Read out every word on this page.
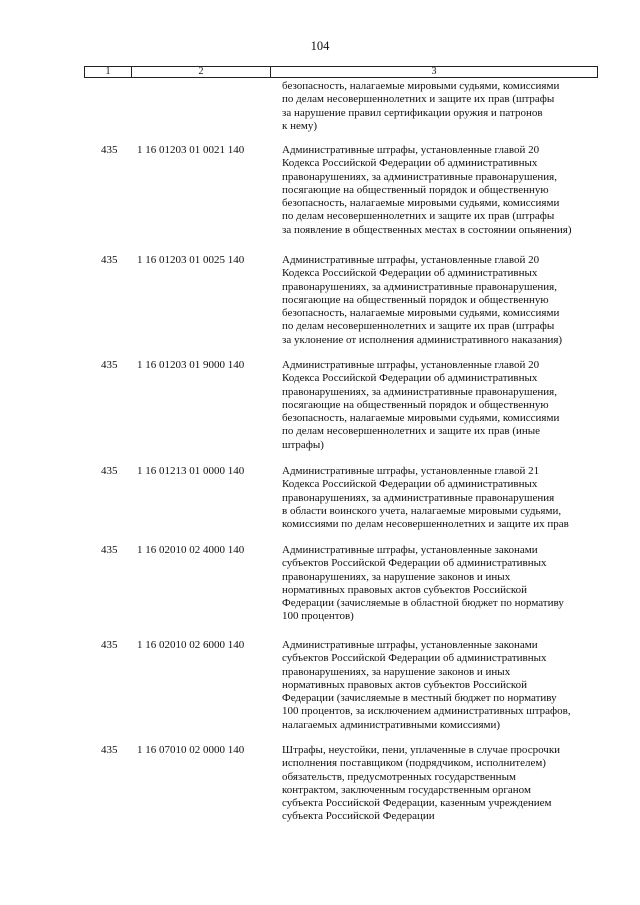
104
1	2	3
безопасность, налагаемые мировыми судьями, комиссиями
по делам несовершеннолетних и защите их прав (штрафы
за нарушение правил сертификации оружия и патронов
к нему)
435 1 16 01203 01 0021 140	Административные штрафы, установленные главой 20
Кодекса Российской Федерации об административных
правонарушениях, за административные правонарушения,
посягающие на общественный порядок и общественную
безопасность, налагаемые мировыми судьями, комиссиями
по делам несовершеннолетних и защите их прав (штрафы
за появление в общественных местах в состоянии опьянения)
435 1 16 01203 01 0025 140	Административные штрафы, установленные главой 20
Кодекса Российской Федерации об административных
правонарушениях, за административные правонарушения,
посягающие на общественный порядок и общественную
безопасность, налагаемые мировыми судьями, комиссиями
по делам несовершеннолетних и защите их прав (штрафы
за уклонение от исполнения административного наказания)
435 1 16 01203 01 9000 140	Административные штрафы, установленные главой 20
Кодекса Российской Федерации об административных
правонарушениях, за административные правонарушения,
посягающие на общественный порядок и общественную
безопасность, налагаемые мировыми судьями, комиссиями
по делам несовершеннолетних и защите их прав (иные
штрафы)
435 1 16 01213 01 0000 140	Административные штрафы, установленные главой 21
Кодекса Российской Федерации об административных
правонарушениях, за административные правонарушения
в области воинского учета, налагаемые мировыми судьями,
комиссиями по делам несовершеннолетних и защите их прав
435 1 16 02010 02 4000 140	Административные штрафы, установленные законами
субъектов Российской Федерации об административных
правонарушениях, за нарушение законов и иных
нормативных правовых актов субъектов Российской
Федерации (зачисляемые в областной бюджет по нормативу
100 процентов)
435 1 16 02010 02 6000 140	Административные штрафы, установленные законами
субъектов Российской Федерации об административных
правонарушениях, за нарушение законов и иных
нормативных правовых актов субъектов Российской
Федерации (зачисляемые в местный бюджет по нормативу
100 процентов, за исключением административных штрафов,
налагаемых административными комиссиями)
435 1 16 07010 02 0000 140	Штрафы, неустойки, пени, уплаченные в случае просрочки
исполнения поставщиком (подрядчиком, исполнителем)
обязательств, предусмотренных государственным
контрактом, заключенным государственным органом
субъекта Российской Федерации, казенным учреждением
субъекта Российской Федерации
